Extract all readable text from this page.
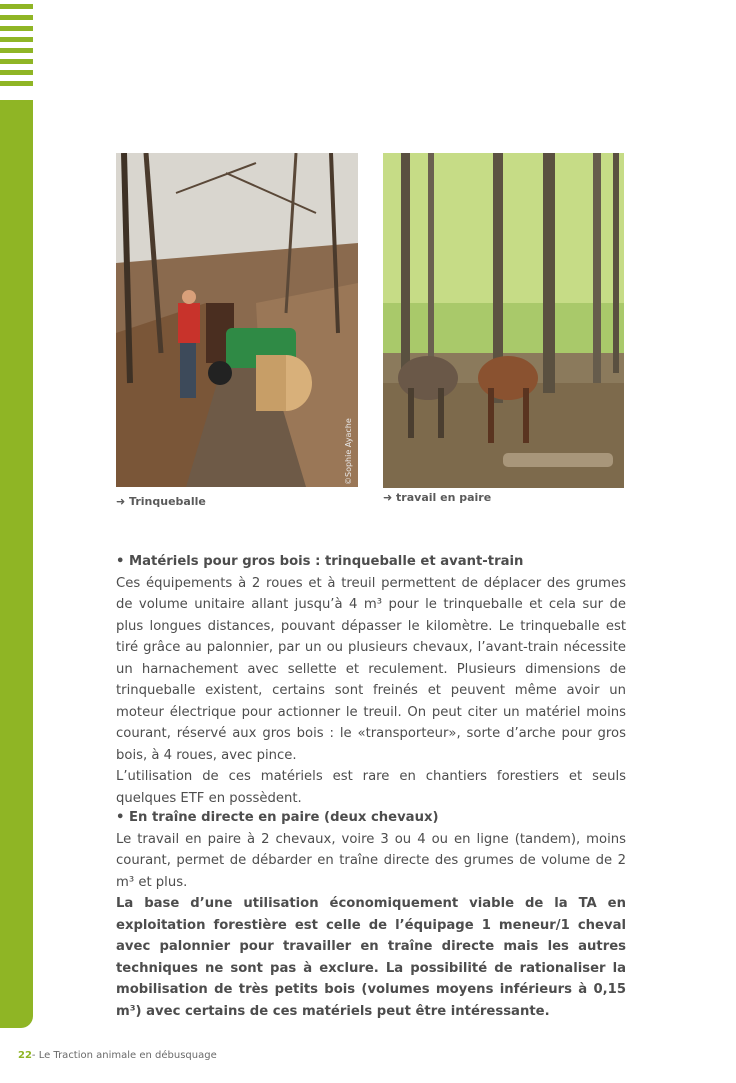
©Sophie Ayache
➜ Trinqueballe	➜ travail en paire
• Matériels pour gros bois : trinqueballe et avant-train

Ces équipements à 2 roues et à treuil permettent de déplacer des grumes de volume unitaire allant jusqu’à 4 m³ pour le trinqueballe et cela sur de plus longues distances, pouvant dépasser le kilomètre. Le trinqueballe est tiré grâce au palonnier, par un ou plusieurs chevaux, l’avant-train nécessite un harnachement avec sellette et reculement. Plusieurs dimensions de trinqueballe existent, certains sont freinés et peuvent même avoir un moteur électrique pour actionner le treuil. On peut citer un matériel moins courant, réservé aux gros bois : le «transporteur», sorte d’arche pour gros bois, à 4 roues, avec pince.

L’utilisation de ces matériels est rare en chantiers forestiers et seuls quelques ETF en possèdent.

• En traîne directe en paire (deux chevaux)

Le travail en paire à 2 chevaux, voire 3 ou 4 ou en ligne (tandem), moins courant, permet de débarder en traîne directe des grumes de volume de 2 m³ et plus.

La base d’une utilisation économiquement viable de la TA en exploitation forestière est celle de l’équipage 1 meneur/1 cheval avec palonnier pour travailler en traîne directe mais les autres techniques ne sont pas à exclure. La possibilité de rationaliser la mobilisation de très petits bois (volumes moyens inférieurs à 0,15 m³) avec certains de ces matériels peut être intéressante.

22- Le Traction animale en débusquage
